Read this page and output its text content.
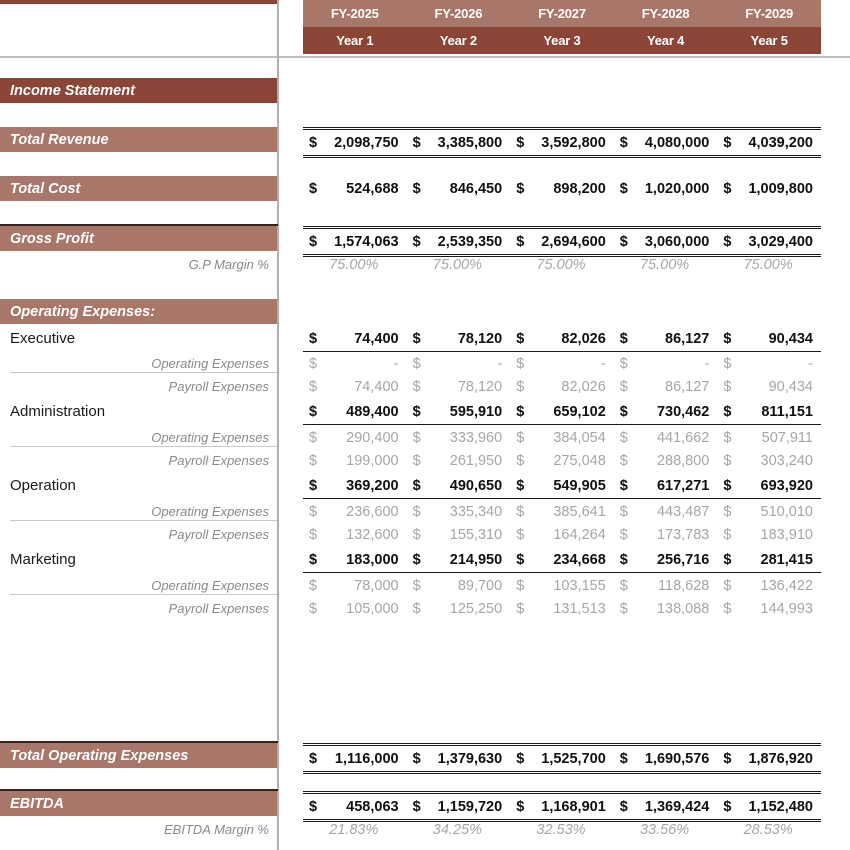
FY-2025	FY-2026	FY-2027	FY-2028	FY-2029
Year 1	Year 2	Year 3	Year 4	Year 5
Income Statement
Total Revenue	$ 2,098,750 $ 3,385,800 $ 3,592,800 $ 4,080,000 $ 4,039,200
Total Cost	$ 524,688 $ 846,450 $ 898,200 $ 1,020,000 $ 1,009,800
Gross Profit	$ 1,574,063 $ 2,539,350 $ 2,694,600 $ 3,060,000 $ 3,029,400
G.P Margin %	75.00%	75.00%	75.00%	75.00%	75.00%
Operating Expenses:
Executive	$	74,400 $	78,120 $	82,026 $	86,127 $	90,434
Operating Expenses	$	- $	- $	- $	- $	-
Payroll Expenses	$	74,400 $	78,120 $	82,026 $	86,127 $	90,434
Administration	$ 489,400 $ 595,910 $ 659,102 $ 730,462 $ 811,151
Operating Expenses	$ 290,400 $ 333,960 $ 384,054 $ 441,662 $ 507,911
Payroll Expenses	$ 199,000 $ 261,950 $ 275,048 $ 288,800 $ 303,240
Operation	$ 369,200 $ 490,650 $ 549,905 $ 617,271 $ 693,920
Operating Expenses	$ 236,600 $ 335,340 $ 385,641 $ 443,487 $ 510,010
Payroll Expenses	$ 132,600 $ 155,310 $ 164,264 $ 173,783 $ 183,910
Marketing	$ 183,000 $ 214,950 $ 234,668 $ 256,716 $ 281,415
Operating Expenses	$	78,000 $	89,700 $ 103,155 $ 118,628 $ 136,422
Payroll Expenses	$ 105,000 $ 125,250 $ 131,513 $ 138,088 $ 144,993
Total Operating Expenses	$ 1,116,000 $ 1,379,630 $ 1,525,700 $ 1,690,576 $ 1,876,920
EBITDA	$ 458,063 $ 1,159,720 $ 1,168,901 $ 1,369,424 $ 1,152,480
EBITDA Margin %	21.83%	34.25%	32.53%	33.56%	28.53%
